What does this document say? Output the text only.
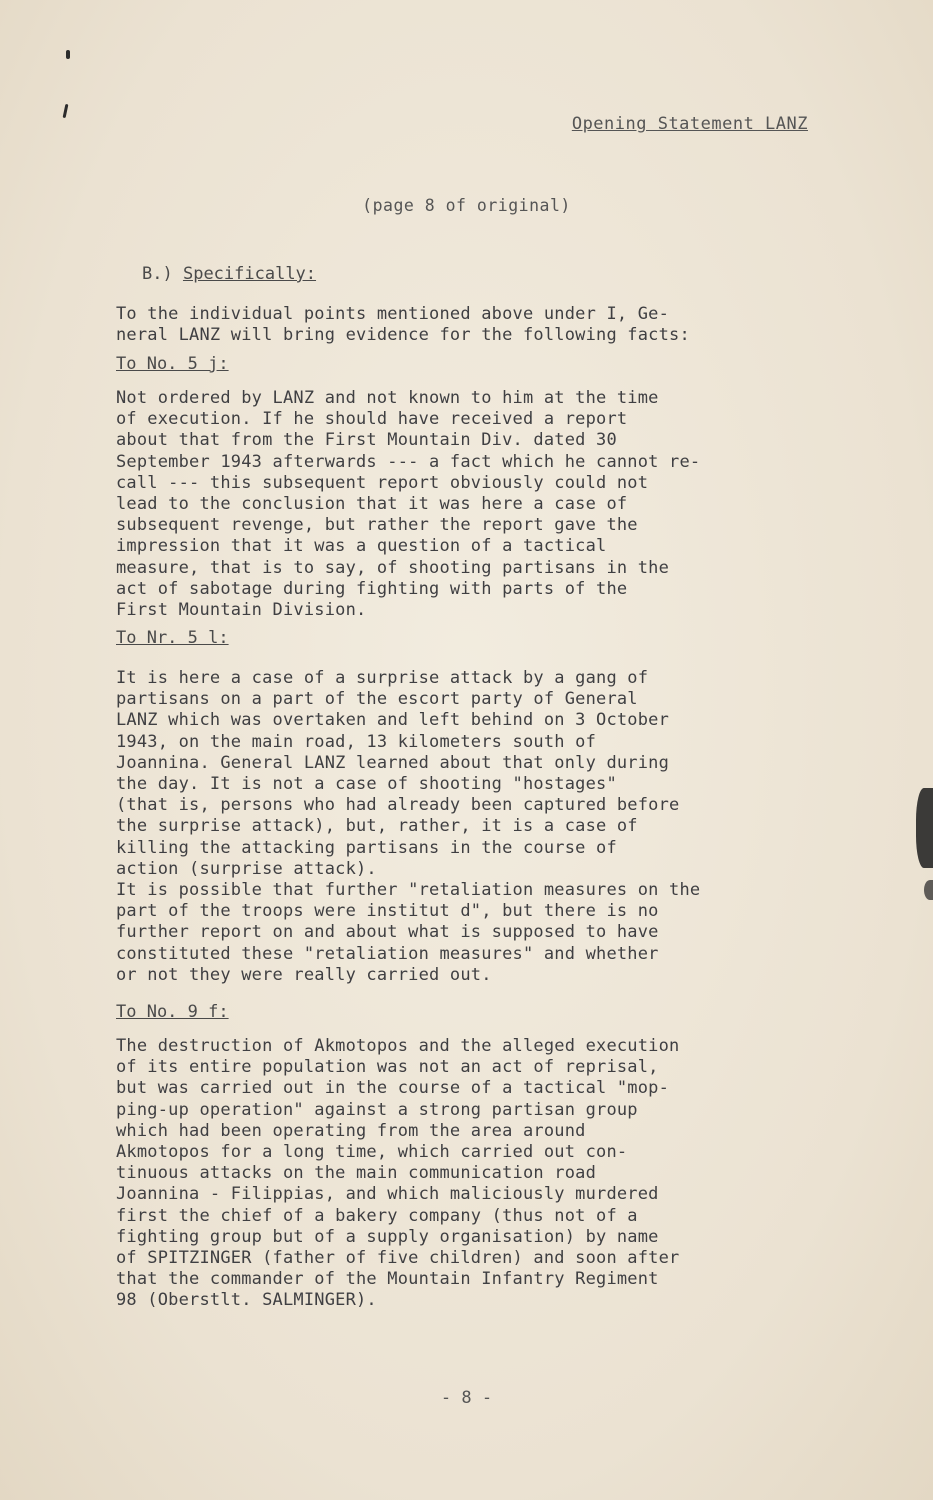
Opening Statement LANZ
(page 8 of original)
B.) Specifically:
To the individual points mentioned above under I, Ge-
neral LANZ will bring evidence for the following facts:
To No. 5 j:
Not ordered by LANZ and not known to him at the time
of execution. If he should have received a report
about that from the First Mountain Div. dated 30
September 1943 afterwards --- a fact which he cannot re-
call --- this subsequent report obviously could not
lead to the conclusion that it was here a case of
subsequent revenge, but rather the report gave the
impression that it was a question of a tactical
measure, that is to say, of shooting partisans in the
act of sabotage during fighting with parts of the
First Mountain Division.
To Nr. 5 l:
It is here a case of a surprise attack by a gang of
partisans on a part of the escort party of General
LANZ which was overtaken and left behind on 3 October
1943, on the main road, 13 kilometers south of
Joannina. General LANZ learned about that only during
the day. It is not a case of shooting "hostages"
(that is, persons who had already been captured before
the surprise attack), but, rather, it is a case of
killing the attacking partisans in the course of
action (surprise attack).
It is possible that further "retaliation measures on the
part of the troops were institut d", but there is no
further report on and about what is supposed to have
constituted these "retaliation measures" and whether
or not they were really carried out.
To No. 9 f:
The destruction of Akmotopos and the alleged execution
of its entire population was not an act of reprisal,
but was carried out in the course of a tactical "mop-
ping-up operation" against a strong partisan group
which had been operating from the area around
Akmotopos for a long time, which carried out con-
tinuous attacks on the main communication road
Joannina - Filippias, and which maliciously murdered
first the chief of a bakery company (thus not of a
fighting group but of a supply organisation) by name
of SPITZINGER (father of five children) and soon after
that the commander of the Mountain Infantry Regiment
98 (Oberstlt. SALMINGER).
- 8 -
